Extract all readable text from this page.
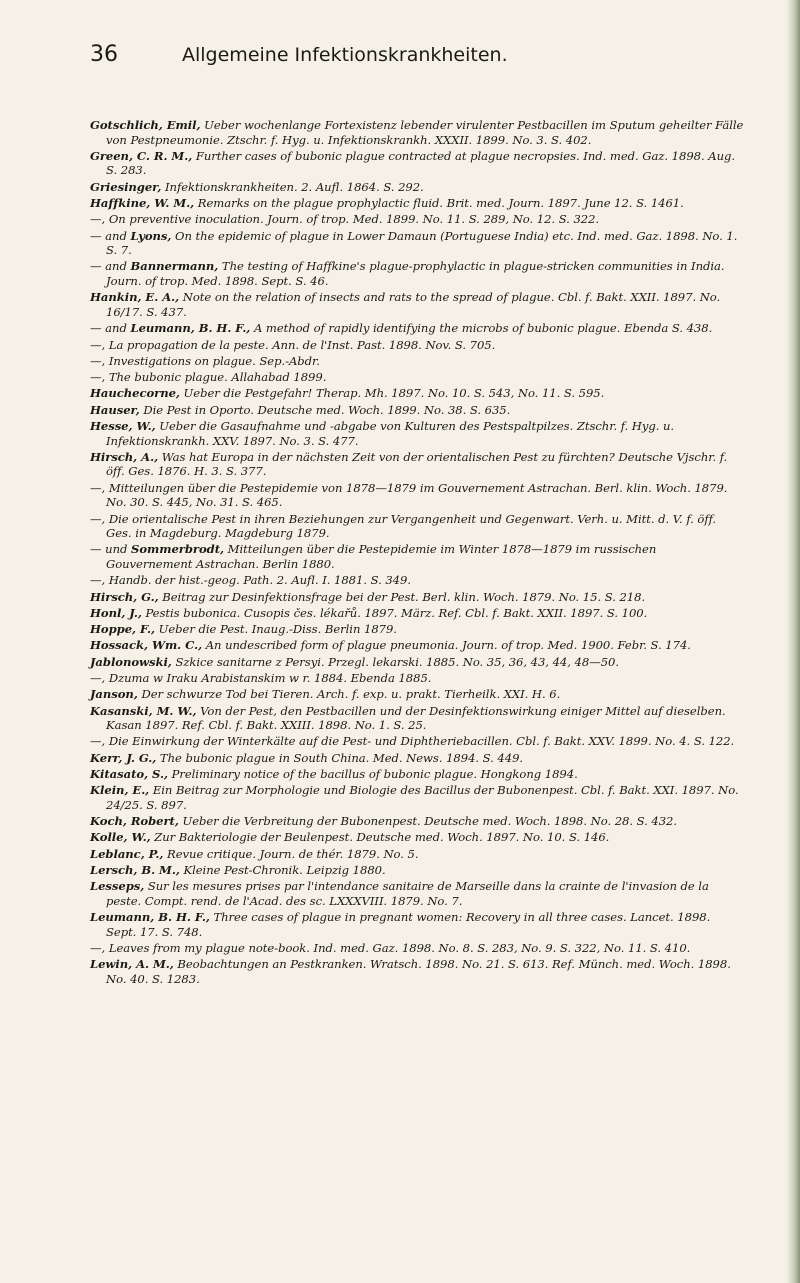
36	Allgemeine Infektionskrankheiten.

Gotschlich, Emil, Ueber wochenlange Fortexistenz lebender virulenter Pestbacillen im Sputum geheilter Fälle von Pestpneumonie. Ztschr. f. Hyg. u. Infektionskrankh. XXXII. 1899. No. 3. S. 402.

Green, C. R. M., Further cases of bubonic plague contracted at plague necropsies. Ind. med. Gaz. 1898. Aug. S. 283.

Griesinger, Infektionskrankheiten. 2. Aufl. 1864. S. 292.

Haffkine, W. M., Remarks on the plague prophylactic fluid. Brit. med. Journ. 1897. June 12. S. 1461.

—, On preventive inoculation. Journ. of trop. Med. 1899. No. 11. S. 289, No. 12. S. 322.

— and Lyons, On the epidemic of plague in Lower Damaun (Portuguese India) etc. Ind. med. Gaz. 1898. No. 1. S. 7.

— and Bannermann, The testing of Haffkine's plague-prophylactic in plague-stricken communities in India. Journ. of trop. Med. 1898. Sept. S. 46.

Hankin, E. A., Note on the relation of insects and rats to the spread of plague. Cbl. f. Bakt. XXII. 1897. No. 16/17. S. 437.

— and Leumann, B. H. F., A method of rapidly identifying the microbs of bubonic plague. Ebenda S. 438.

—, La propagation de la peste. Ann. de l'Inst. Past. 1898. Nov. S. 705.

—, Investigations on plague. Sep.-Abdr.

—, The bubonic plague. Allahabad 1899.

Hauchecorne, Ueber die Pestgefahr! Therap. Mh. 1897. No. 10. S. 543, No. 11. S. 595.

Hauser, Die Pest in Oporto. Deutsche med. Woch. 1899. No. 38. S. 635.

Hesse, W., Ueber die Gasaufnahme und -abgabe von Kulturen des Pestspaltpilzes. Ztschr. f. Hyg. u. Infektionskrankh. XXV. 1897. No. 3. S. 477.

Hirsch, A., Was hat Europa in der nächsten Zeit von der orientalischen Pest zu fürchten? Deutsche Vjschr. f. öff. Ges. 1876. H. 3. S. 377.

—, Mitteilungen über die Pestepidemie von 1878—1879 im Gouvernement Astrachan. Berl. klin. Woch. 1879. No. 30. S. 445, No. 31. S. 465.

—, Die orientalische Pest in ihren Beziehungen zur Vergangenheit und Gegenwart. Verh. u. Mitt. d. V. f. öff. Ges. in Magdeburg. Magdeburg 1879.

— und Sommerbrodt, Mitteilungen über die Pestepidemie im Winter 1878—1879 im russischen Gouvernement Astrachan. Berlin 1880.

—, Handb. der hist.-geog. Path. 2. Aufl. I. 1881. S. 349.

Hirsch, G., Beitrag zur Desinfektionsfrage bei der Pest. Berl. klin. Woch. 1879. No. 15. S. 218.

Honl, J., Pestis bubonica. Cusopis čes. lékařů. 1897. März. Ref. Cbl. f. Bakt. XXII. 1897. S. 100.

Hoppe, F., Ueber die Pest. Inaug.-Diss. Berlin 1879.

Hossack, Wm. C., An undescribed form of plague pneumonia. Journ. of trop. Med. 1900. Febr. S. 174.

Jablonowski, Szkice sanitarne z Persyi. Przegl. lekarski. 1885. No. 35, 36, 43, 44, 48—50.

—, Dzuma w Iraku Arabistanskim w r. 1884. Ebenda 1885.

Janson, Der schwurze Tod bei Tieren. Arch. f. exp. u. prakt. Tierheilk. XXI. H. 6.

Kasanski, M. W., Von der Pest, den Pestbacillen und der Desinfektionswirkung einiger Mittel auf dieselben. Kasan 1897. Ref. Cbl. f. Bakt. XXIII. 1898. No. 1. S. 25.

—, Die Einwirkung der Winterkälte auf die Pest- und Diphtheriebacillen. Cbl. f. Bakt. XXV. 1899. No. 4. S. 122.

Kerr, J. G., The bubonic plague in South China. Med. News. 1894. S. 449.

Kitasato, S., Preliminary notice of the bacillus of bubonic plague. Hongkong 1894.

Klein, E., Ein Beitrag zur Morphologie und Biologie des Bacillus der Bubonenpest. Cbl. f. Bakt. XXI. 1897. No. 24/25. S. 897.

Koch, Robert, Ueber die Verbreitung der Bubonenpest. Deutsche med. Woch. 1898. No. 28. S. 432.

Kolle, W., Zur Bakteriologie der Beulenpest. Deutsche med. Woch. 1897. No. 10. S. 146.

Leblanc, P., Revue critique. Journ. de thér. 1879. No. 5.

Lersch, B. M., Kleine Pest-Chronik. Leipzig 1880.

Lesseps, Sur les mesures prises par l'intendance sanitaire de Marseille dans la crainte de l'invasion de la peste. Compt. rend. de l'Acad. des sc. LXXXVIII. 1879. No. 7.

Leumann, B. H. F., Three cases of plague in pregnant women: Recovery in all three cases. Lancet. 1898. Sept. 17. S. 748.

—, Leaves from my plague note-book. Ind. med. Gaz. 1898. No. 8. S. 283, No. 9. S. 322, No. 11. S. 410.

Lewin, A. M., Beobachtungen an Pestkranken. Wratsch. 1898. No. 21. S. 613. Ref. Münch. med. Woch. 1898. No. 40. S. 1283.
